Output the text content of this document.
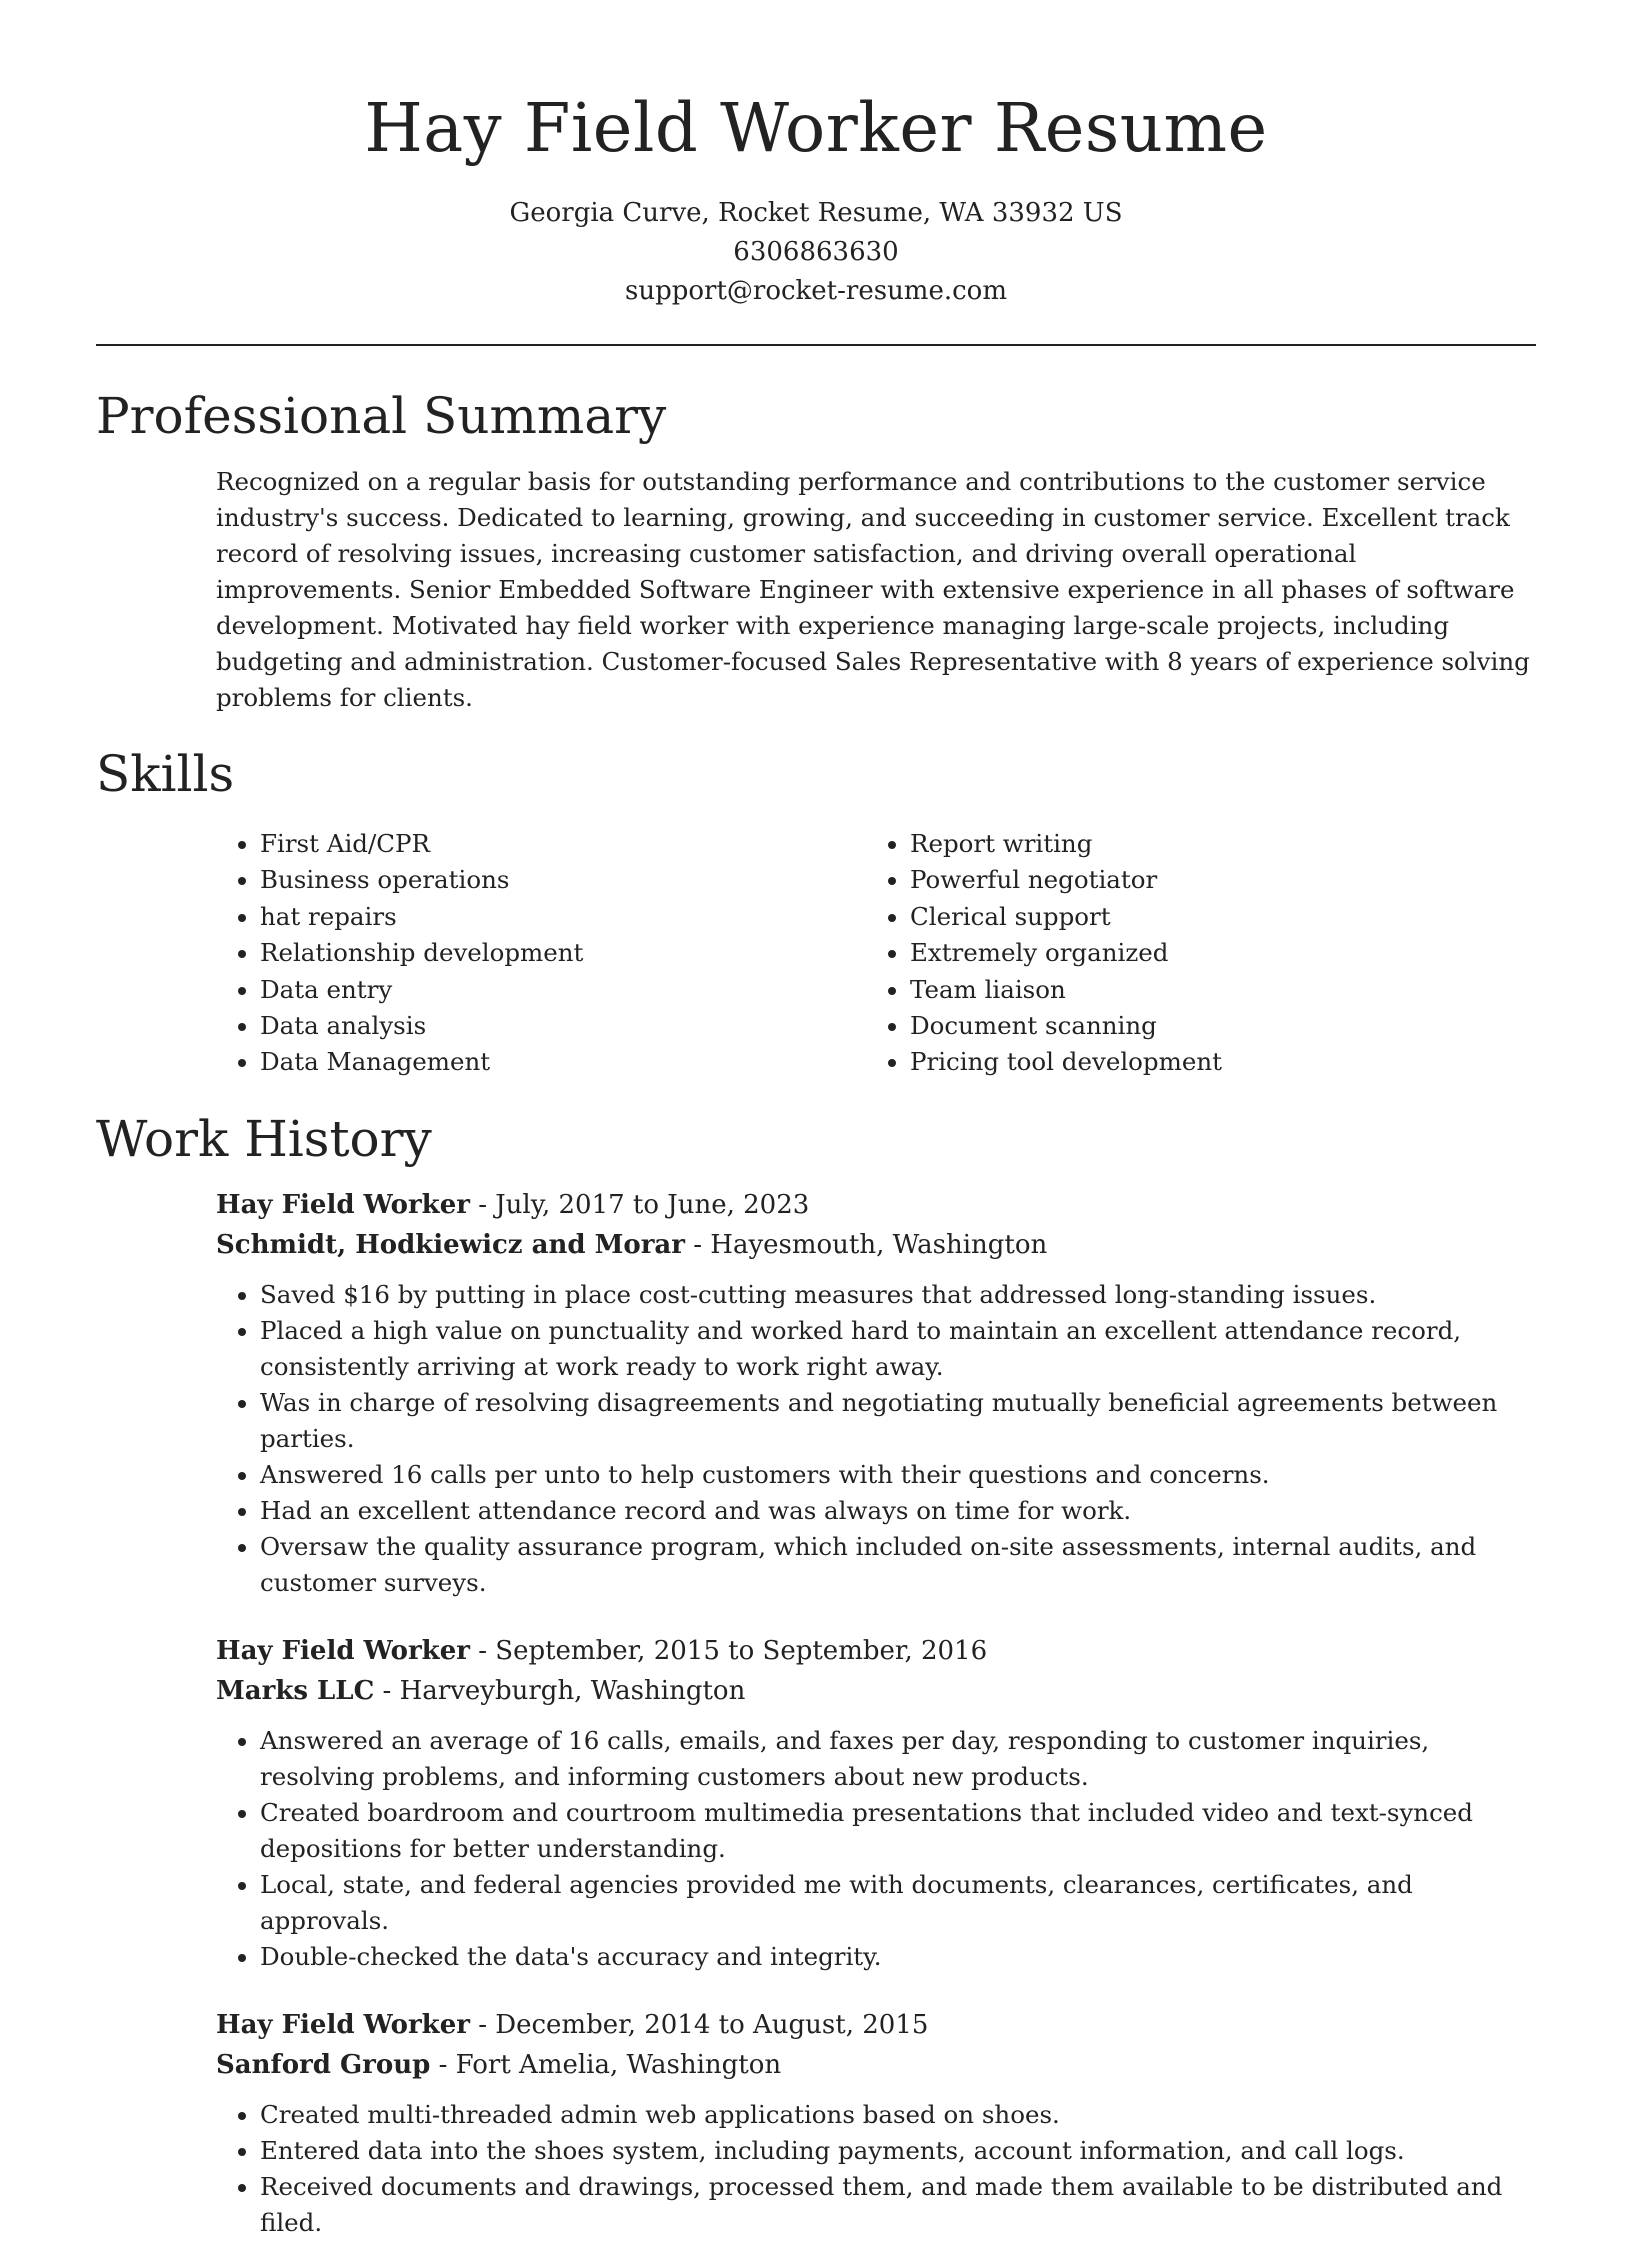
Hay Field Worker Resume
Georgia Curve, Rocket Resume, WA 33932 US
6306863630
support@rocket-resume.com
Professional Summary

Recognized on a regular basis for outstanding performance and contributions to the customer service industry's success. Dedicated to learning, growing, and succeeding in customer service. Excellent track record of resolving issues, increasing customer satisfaction, and driving overall operational improvements. Senior Embedded Software Engineer with extensive experience in all phases of software development. Motivated hay field worker with experience managing large-scale projects, including budgeting and administration. Customer-focused Sales Representative with 8 years of experience solving problems for clients.

Skills
• First Aid/CPR
• Business operations
• hat repairs
• Relationship development
• Data entry
• Data analysis
• Data Management
• Report writing
• Powerful negotiator
• Clerical support
• Extremely organized
• Team liaison
• Document scanning
• Pricing tool development
Work History
Hay Field Worker - July, 2017 to June, 2023
Schmidt, Hodkiewicz and Morar - Hayesmouth, Washington
• Saved $16 by putting in place cost-cutting measures that addressed long-standing issues.
• Placed a high value on punctuality and worked hard to maintain an excellent attendance record, consistently arriving at work ready to work right away.
• Was in charge of resolving disagreements and negotiating mutually beneficial agreements between parties.
• Answered 16 calls per unto to help customers with their questions and concerns.
• Had an excellent attendance record and was always on time for work.
• Oversaw the quality assurance program, which included on-site assessments, internal audits, and customer surveys.
Hay Field Worker - September, 2015 to September, 2016
Marks LLC - Harveyburgh, Washington
• Answered an average of 16 calls, emails, and faxes per day, responding to customer inquiries, resolving problems, and informing customers about new products.
• Created boardroom and courtroom multimedia presentations that included video and text-synced depositions for better understanding.
• Local, state, and federal agencies provided me with documents, clearances, certificates, and approvals.
• Double-checked the data's accuracy and integrity.
Hay Field Worker - December, 2014 to August, 2015
Sanford Group - Fort Amelia, Washington
• Created multi-threaded admin web applications based on shoes.
• Entered data into the shoes system, including payments, account information, and call logs.
• Received documents and drawings, processed them, and made them available to be distributed and filed.
